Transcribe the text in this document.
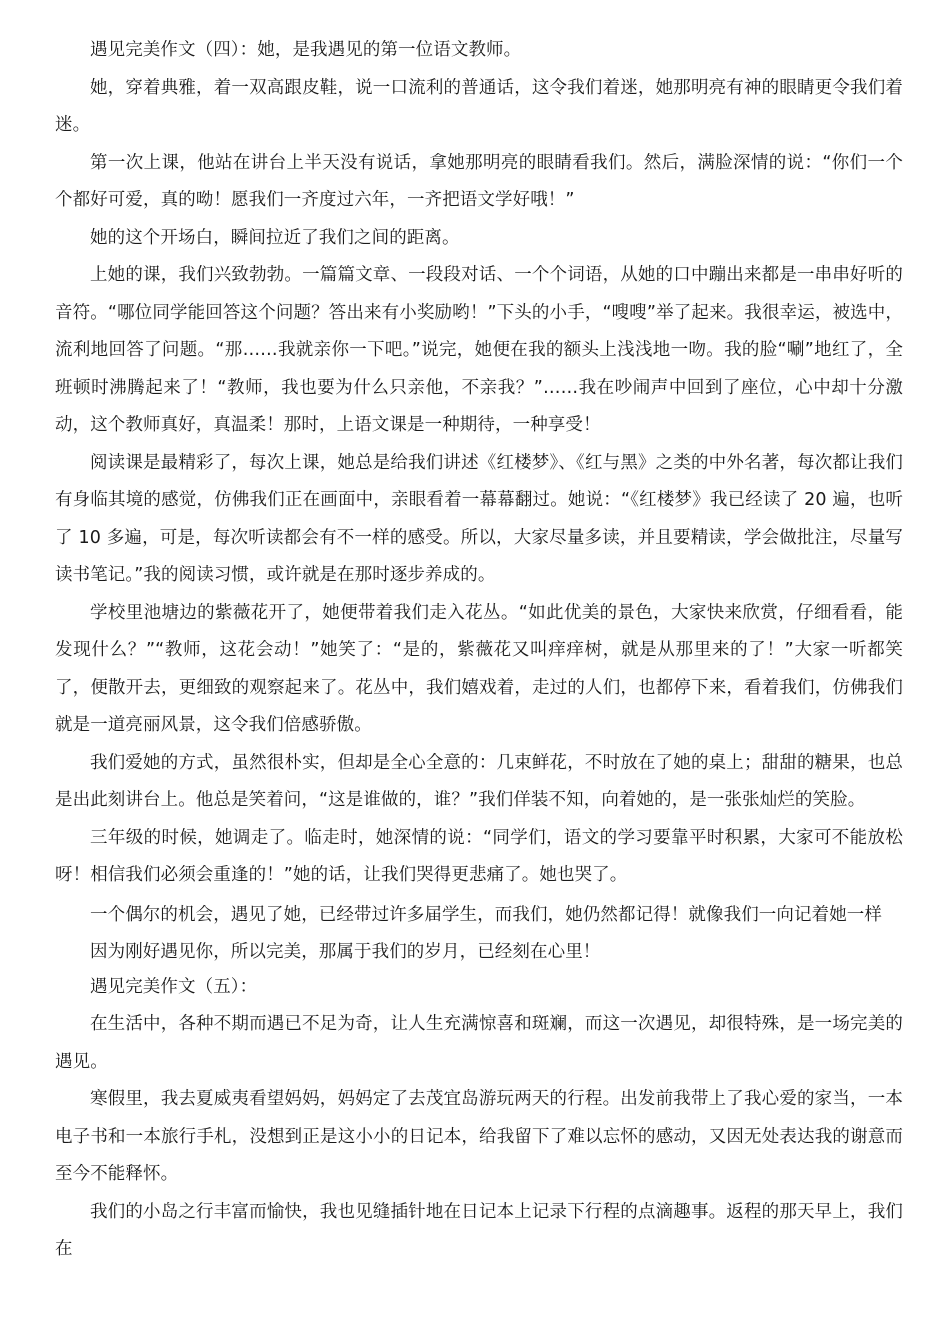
遇见完美作文（四）：她，是我遇见的第一位语文教师。

她，穿着典雅，着一双高跟皮鞋，说一口流利的普通话，这令我们着迷，她那明亮有神的眼睛更令我们着迷。

第一次上课，他站在讲台上半天没有说话，拿她那明亮的眼睛看我们。然后，满脸深情的说：“你们一个个都好可爱，真的呦！愿我们一齐度过六年，一齐把语文学好哦！”

她的这个开场白，瞬间拉近了我们之间的距离。

上她的课，我们兴致勃勃。一篇篇文章、一段段对话、一个个词语，从她的口中蹦出来都是一串串好听的音符。“哪位同学能回答这个问题？答出来有小奖励哟！”下头的小手，“嗖嗖”举了起来。我很幸运，被选中，流利地回答了问题。“那……我就亲你一下吧。”说完，她便在我的额头上浅浅地一吻。我的脸“唰”地红了，全班顿时沸腾起来了！“教师，我也要为什么只亲他，不亲我？”……我在吵闹声中回到了座位，心中却十分激动，这个教师真好，真温柔！那时，上语文课是一种期待，一种享受！

阅读课是最精彩了，每次上课，她总是给我们讲述《红楼梦》、《红与黑》之类的中外名著，每次都让我们有身临其境的感觉，仿佛我们正在画面中，亲眼看着一幕幕翻过。她说：“《红楼梦》我已经读了 20 遍，也听了 10 多遍，可是，每次听读都会有不一样的感受。所以，大家尽量多读，并且要精读，学会做批注，尽量写读书笔记。”我的阅读习惯，或许就是在那时逐步养成的。

学校里池塘边的紫薇花开了，她便带着我们走入花丛。“如此优美的景色，大家快来欣赏，仔细看看，能发现什么？”“教师，这花会动！”她笑了：“是的，紫薇花又叫痒痒树，就是从那里来的了！”大家一听都笑了，便散开去，更细致的观察起来了。花丛中，我们嬉戏着，走过的人们，也都停下来，看着我们，仿佛我们就是一道亮丽风景，这令我们倍感骄傲。

我们爱她的方式，虽然很朴实，但却是全心全意的：几束鲜花，不时放在了她的桌上；甜甜的糖果，也总是出此刻讲台上。他总是笑着问，“这是谁做的，谁？”我们佯装不知，向着她的，是一张张灿烂的笑脸。

三年级的时候，她调走了。临走时，她深情的说：“同学们，语文的学习要靠平时积累，大家可不能放松呀！相信我们必须会重逢的！”她的话，让我们哭得更悲痛了。她也哭了。

一个偶尔的机会，遇见了她，已经带过许多届学生，而我们，她仍然都记得！就像我们一向记着她一样

因为刚好遇见你，所以完美，那属于我们的岁月，已经刻在心里！

遇见完美作文（五）：

在生活中，各种不期而遇已不足为奇，让人生充满惊喜和斑斓，而这一次遇见，却很特殊，是一场完美的遇见。

寒假里，我去夏威夷看望妈妈，妈妈定了去茂宜岛游玩两天的行程。出发前我带上了我心爱的家当，一本电子书和一本旅行手札，没想到正是这小小的日记本，给我留下了难以忘怀的感动，又因无处表达我的谢意而至今不能释怀。

我们的小岛之行丰富而愉快，我也见缝插针地在日记本上记录下行程的点滴趣事。返程的那天早上，我们在
